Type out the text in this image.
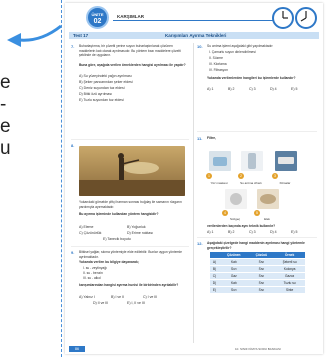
e
-
e
u
ÜNİTE
02
KARŞIMLAR
Test 17	Karışımları Ayırma Teknikleri
7. Buharlaştırma, bir çözelti yerine suyun buharlaştırılarak çözünen maddelerin katı olarak ayrılmasıdır. Bu yöntem bazı maddelere çözelti şeklinde de uygulanır.
Buna göre, aşağıda verilen örneklerden hangisi ayrılması ile yapılır?
A) Su yüzeyindeki yağın ayrılması
B) Şeker pancarından şeker eldesi
C) Deniz suyundan tuz eldesi
D) Bitki özü ayrılması
E) Tuzlu suyundan tuz eldesi
8.
Yukarıdaki görselde çiftçi harman sonrası buğday ile samanın rüzgarın yardımıyla ayırmaktadır.
Bu ayırma işleminde kullanılan yöntem hangisidir?
A) Eleme	B) Yoğunluk
C) Çözünürlük	D) Erime noktası
E) Tanecik boyutu
9. Bitkisel yağlar, sıkma yöntemiyle elde edilebilir. Bunlar uygun yöntemle ayrılmaktadır.
Yukarıda verilen bu bilgiye dayanarak;
I. su - zeytinyağı
II. su - benzin
III. su - alkol
karışımlarından hangisi ayırma hunisi ile birbirinden ayrılabilir?
A) Yalnız I	B) I ve II	C) I ve III
D) II ve III	E) I, II ve III
10. Su arıtma işlemi aşağıdaki gibi yapılmaktadır:
I. Çamurlu suyun dinlendirilmesi
II. Süzme
III. Klorlama
IV. Filtrasyon
Yukarıda verilenlerden hangileri bu işlemlerde kullanılır?
A) 1	B) 2	C) 3	D) 4	E) 5
11. Filtre,
1
Yüz maskesi
2
Su arıtma cihazı
3
Klimalar
4
Süzgeç
5
Elek
verilenlerden kaçında aynı teknik kullanılır?
A) 1	B) 2	C) 3	D) 4	E) 5
12. Aşağıdaki çizelgede hangi maddenin ayrılması hangi yöntemle gerçekleştirilir?
	Çözünen	Çözücü	Örnek
A)	Katı	Sıvı	Şekerli su
B)	Sıvı	Sıvı	Kolonya
C)	Gaz	Sıvı	Gazoz
D)	Katı	Sıvı	Tuzlu su
E)	Sıvı	Sıvı	Sirke
86	10. SINIF KİMYA SORU BANKASI
